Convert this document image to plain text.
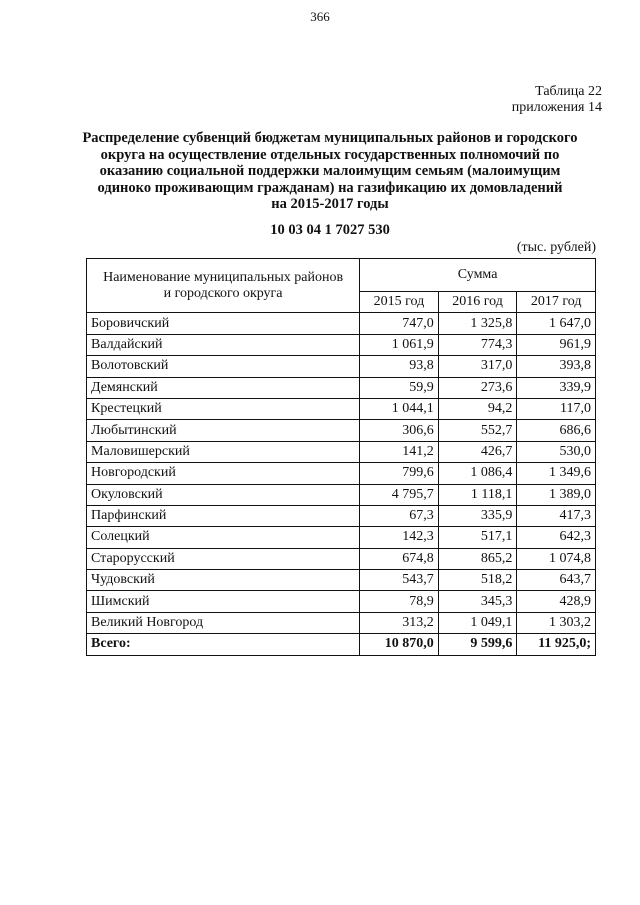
366
Таблица 22
приложения 14
Распределение субвенций бюджетам муниципальных районов и городского
округа на осуществление отдельных государственных полномочий по
оказанию социальной поддержки малоимущим семьям (малоимущим
одиноко проживающим гражданам) на газификацию их домовладений
на 2015-2017 годы
10 03 04 1 7027 530
(тыс. рублей)
Наименование муниципальных районов
и городского округа	Сумма		
	2015 год	2016 год	2017 год
Боровичский	747,0	1 325,8	1 647,0
Валдайский	1 061,9	774,3	961,9
Волотовский	93,8	317,0	393,8
Демянский	59,9	273,6	339,9
Крестецкий	1 044,1	94,2	117,0
Любытинский	306,6	552,7	686,6
Маловишерский	141,2	426,7	530,0
Новгородский	799,6	1 086,4	1 349,6
Окуловский	4 795,7	1 118,1	1 389,0
Парфинский	67,3	335,9	417,3
Солецкий	142,3	517,1	642,3
Старорусский	674,8	865,2	1 074,8
Чудовский	543,7	518,2	643,7
Шимский	78,9	345,3	428,9
Великий Новгород	313,2	1 049,1	1 303,2
Всего:	10 870,0	9 599,6	11 925,0;
